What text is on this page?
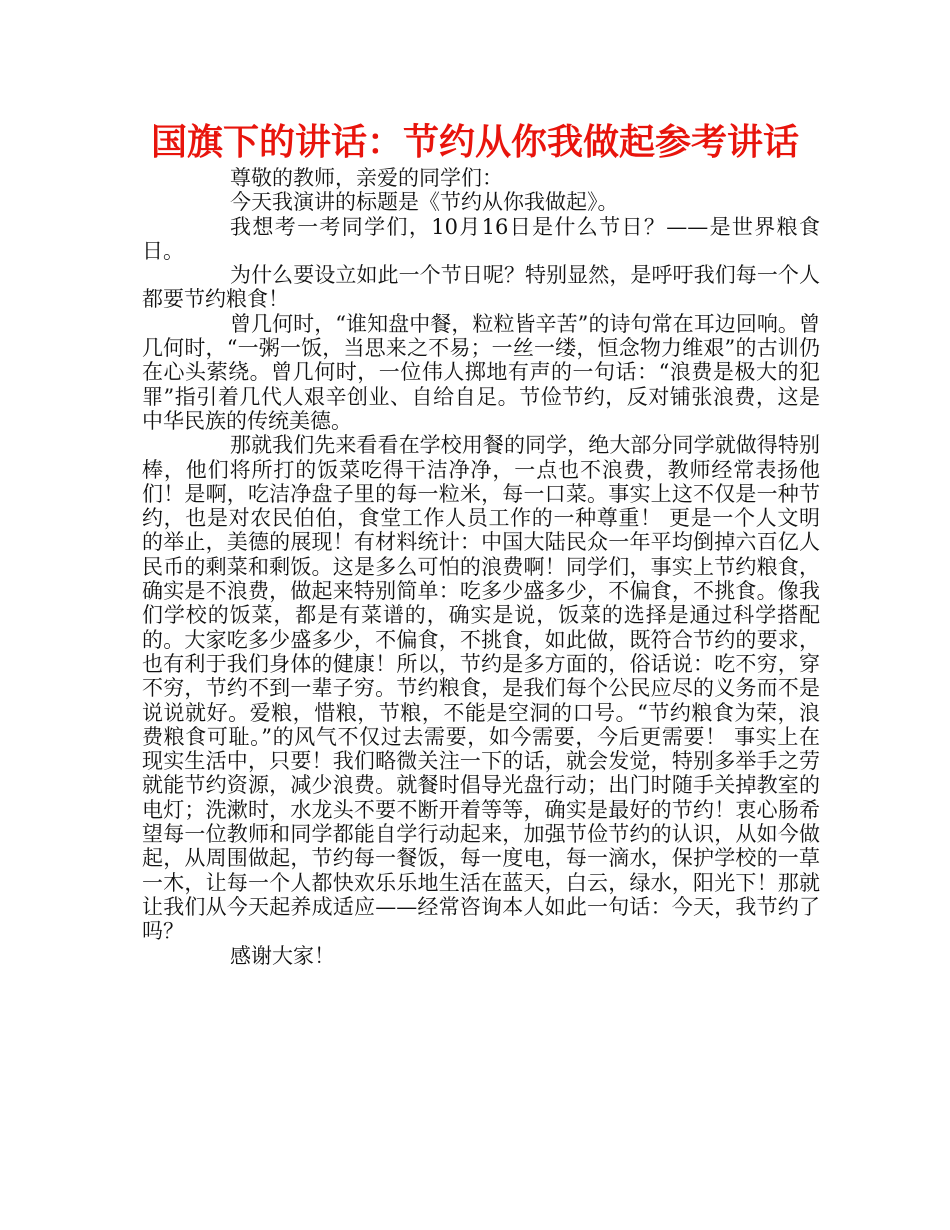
国旗下的讲话：节约从你我做起参考讲话

尊敬的教师，亲爱的同学们：

今天我演讲的标题是《节约从你我做起》。

我想考一考同学们，10月16日是什么节日？——是世界粮食日。

为什么要设立如此一个节日呢？特别显然，是呼吁我们每一个人都要节约粮食！

曾几何时，“谁知盘中餐，粒粒皆辛苦”的诗句常在耳边回响。曾几何时，“一粥一饭，当思来之不易；一丝一缕，恒念物力维艰”的古训仍在心头萦绕。曾几何时，一位伟人掷地有声的一句话：“浪费是极大的犯罪”指引着几代人艰辛创业、自给自足。节俭节约，反对铺张浪费，这是中华民族的传统美德。

那就我们先来看看在学校用餐的同学，绝大部分同学就做得特别棒，他们将所打的饭菜吃得干洁净净，一点也不浪费，教师经常表扬他们！是啊，吃洁净盘子里的每一粒米，每一口菜。事实上这不仅是一种节约，也是对农民伯伯，食堂工作人员工作的一种尊重！ 更是一个人文明的举止，美德的展现！有材料统计：中国大陆民众一年平均倒掉六百亿人民币的剩菜和剩饭。这是多么可怕的浪费啊！同学们，事实上节约粮食，确实是不浪费，做起来特别简单：吃多少盛多少，不偏食，不挑食。像我们学校的饭菜，都是有菜谱的，确实是说，饭菜的选择是通过科学搭配的。大家吃多少盛多少，不偏食，不挑食，如此做，既符合节约的要求，也有利于我们身体的健康！所以，节约是多方面的，俗话说：吃不穷，穿不穷，节约不到一辈子穷。节约粮食，是我们每个公民应尽的义务而不是说说就好。爱粮，惜粮，节粮，不能是空洞的口号。“节约粮食为荣，浪费粮食可耻。”的风气不仅过去需要，如今需要，今后更需要！ 事实上在现实生活中，只要！我们略微关注一下的话，就会发觉，特别多举手之劳就能节约资源，减少浪费。就餐时倡导光盘行动；出门时随手关掉教室的电灯；洗漱时，水龙头不要不断开着等等，确实是最好的节约！衷心肠希望每一位教师和同学都能自学行动起来，加强节俭节约的认识，从如今做起，从周围做起，节约每一餐饭，每一度电，每一滴水，保护学校的一草一木，让每一个人都快欢乐乐地生活在蓝天，白云，绿水，阳光下！那就让我们从今天起养成适应——经常咨询本人如此一句话：今天，我节约了吗？

感谢大家！
